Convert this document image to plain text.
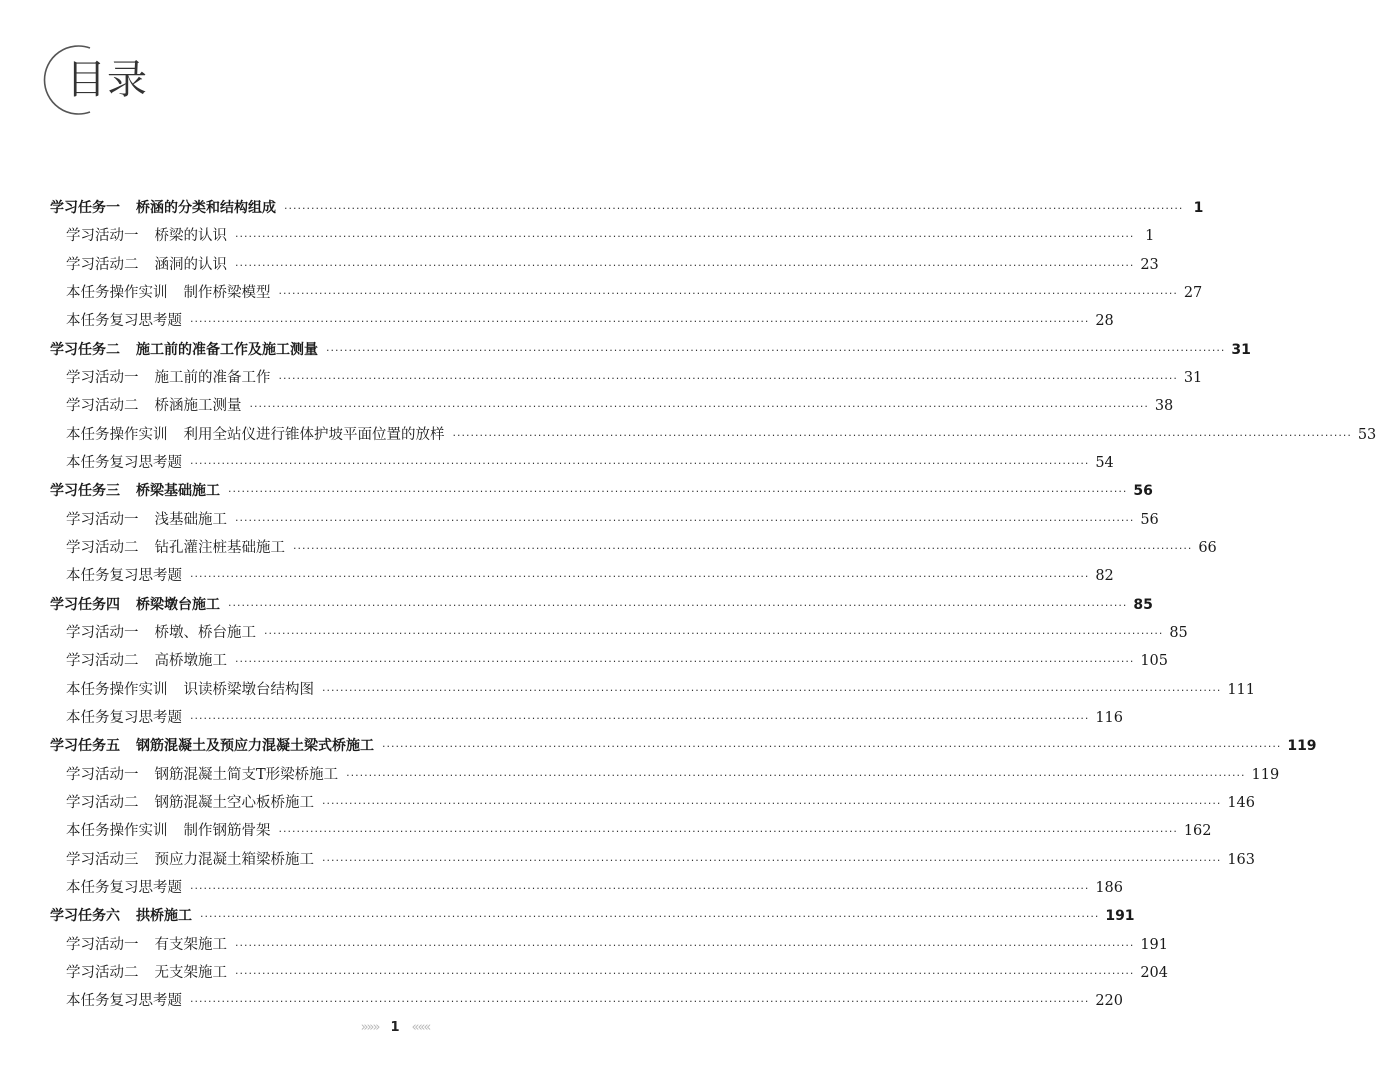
目录
学习任务一 桥涵的分类和结构组成 ········································································································································································································ 1
学习活动一 桥梁的认识 ········································································································································································································ 1
学习活动二 涵洞的认识 ········································································································································································································ 23
本任务操作实训 制作桥梁模型 ········································································································································································································ 27
本任务复习思考题 ········································································································································································································ 28
学习任务二 施工前的准备工作及施工测量 ········································································································································································································ 31
学习活动一 施工前的准备工作 ········································································································································································································ 31
学习活动二 桥涵施工测量 ········································································································································································································ 38
本任务操作实训 利用全站仪进行锥体护坡平面位置的放样 ········································································································································································································ 53
本任务复习思考题 ········································································································································································································ 54
学习任务三 桥梁基础施工 ········································································································································································································ 56
学习活动一 浅基础施工 ········································································································································································································ 56
学习活动二 钻孔灌注桩基础施工 ········································································································································································································ 66
本任务复习思考题 ········································································································································································································ 82
学习任务四 桥梁墩台施工 ········································································································································································································ 85
学习活动一 桥墩、桥台施工 ········································································································································································································ 85
学习活动二 高桥墩施工 ········································································································································································································ 105
本任务操作实训 识读桥梁墩台结构图 ········································································································································································································ 111
本任务复习思考题 ········································································································································································································ 116
学习任务五 钢筋混凝土及预应力混凝土梁式桥施工 ········································································································································································································ 119
学习活动一 钢筋混凝土简支T形梁桥施工 ········································································································································································································ 119
学习活动二 钢筋混凝土空心板桥施工 ········································································································································································································ 146
本任务操作实训 制作钢筋骨架 ········································································································································································································ 162
学习活动三 预应力混凝土箱梁桥施工 ········································································································································································································ 163
本任务复习思考题 ········································································································································································································ 186
学习任务六 拱桥施工 ········································································································································································································ 191
学习活动一 有支架施工 ········································································································································································································ 191
学习活动二 无支架施工 ········································································································································································································ 204
本任务复习思考题 ········································································································································································································ 220
»»» 1 «««
